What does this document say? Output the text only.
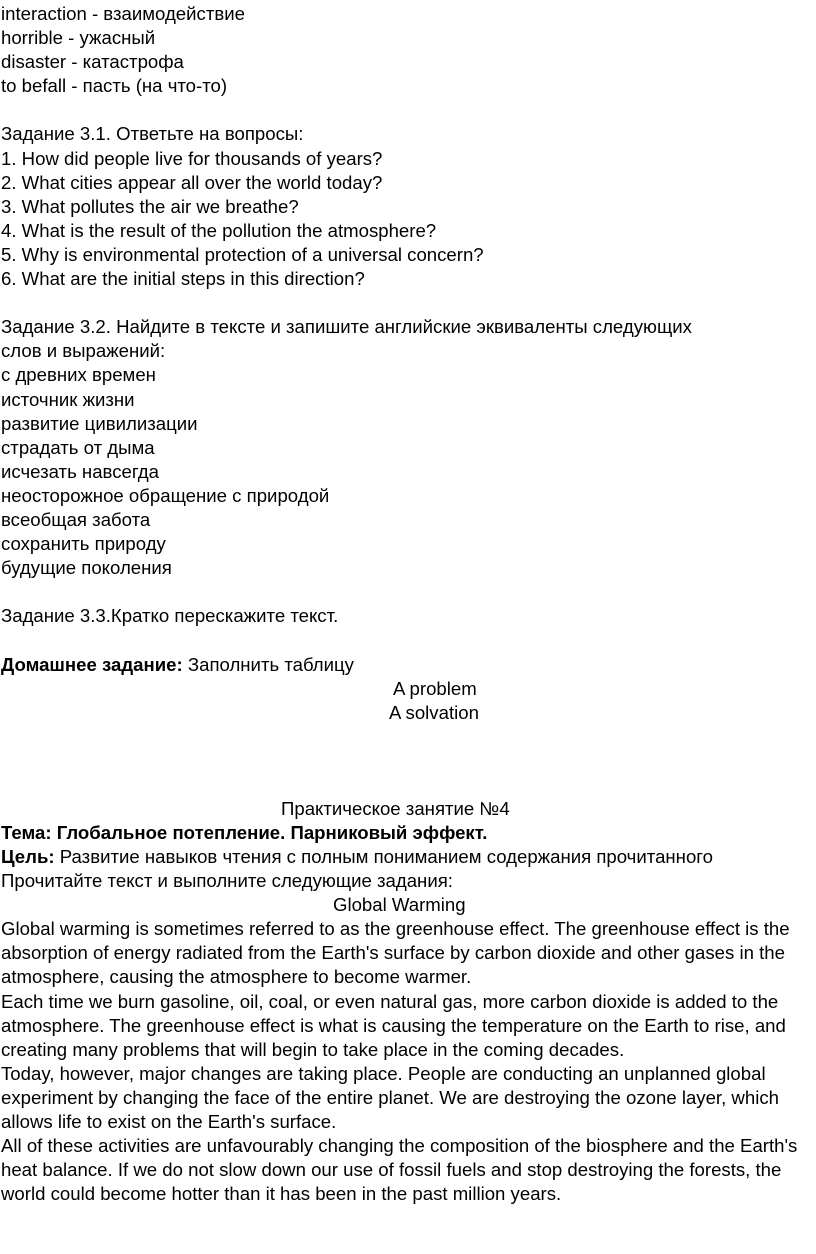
interaction - взаимодействие
horrible - ужасный
disaster - катастрофа
to befall - пасть (на что-то)
Задание 3.1. Ответьте на вопросы:
1. How did people live for thousands of years?
2. What cities appear all over the world today?
3. What pollutes the air we breathe?
4. What is the result of the pollution the atmosphere?
5. Why is environmental protection of a universal concern?
6. What are the initial steps in this direction?
Задание 3.2. Найдите в тексте и запишите английские эквиваленты следующих
слов и выражений:
с древних времен
источник жизни
развитие цивилизации
страдать от дыма
исчезать навсегда
неосторожное обращение с природой
всеобщая забота
сохранить природу
будущие поколения
Задание 3.3.Кратко перескажите текст.
Домашнее задание: Заполнить таблицу
A problem
A solvation
Практическое занятие №4
Тема: Глобальное потепление. Парниковый эффект.
Цель: Развитие навыков чтения с полным пониманием содержания прочитанного
Прочитайте текст и выполните следующие задания:
Global Warming
Global warming is sometimes referred to as the greenhouse effect. The greenhouse effect is the absorption of energy radiated from the Earth's surface by carbon dioxide and other gases in the atmosphere, causing the atmosphere to become warmer.
Each time we burn gasoline, oil, coal, or even natural gas, more carbon dioxide is added to the atmosphere. The greenhouse effect is what is causing the temperature on the Earth to rise, and creating many problems that will begin to take place in the coming decades.
Today, however, major changes are taking place. People are conducting an unplanned global experiment by changing the face of the entire planet. We are destroying the ozone layer, which allows life to exist on the Earth's surface.
All of these activities are unfavourably changing the composition of the biosphere and the Earth's heat balance. If we do not slow down our use of fossil fuels and stop destroying the forests, the world could become hotter than it has been in the past million years.
